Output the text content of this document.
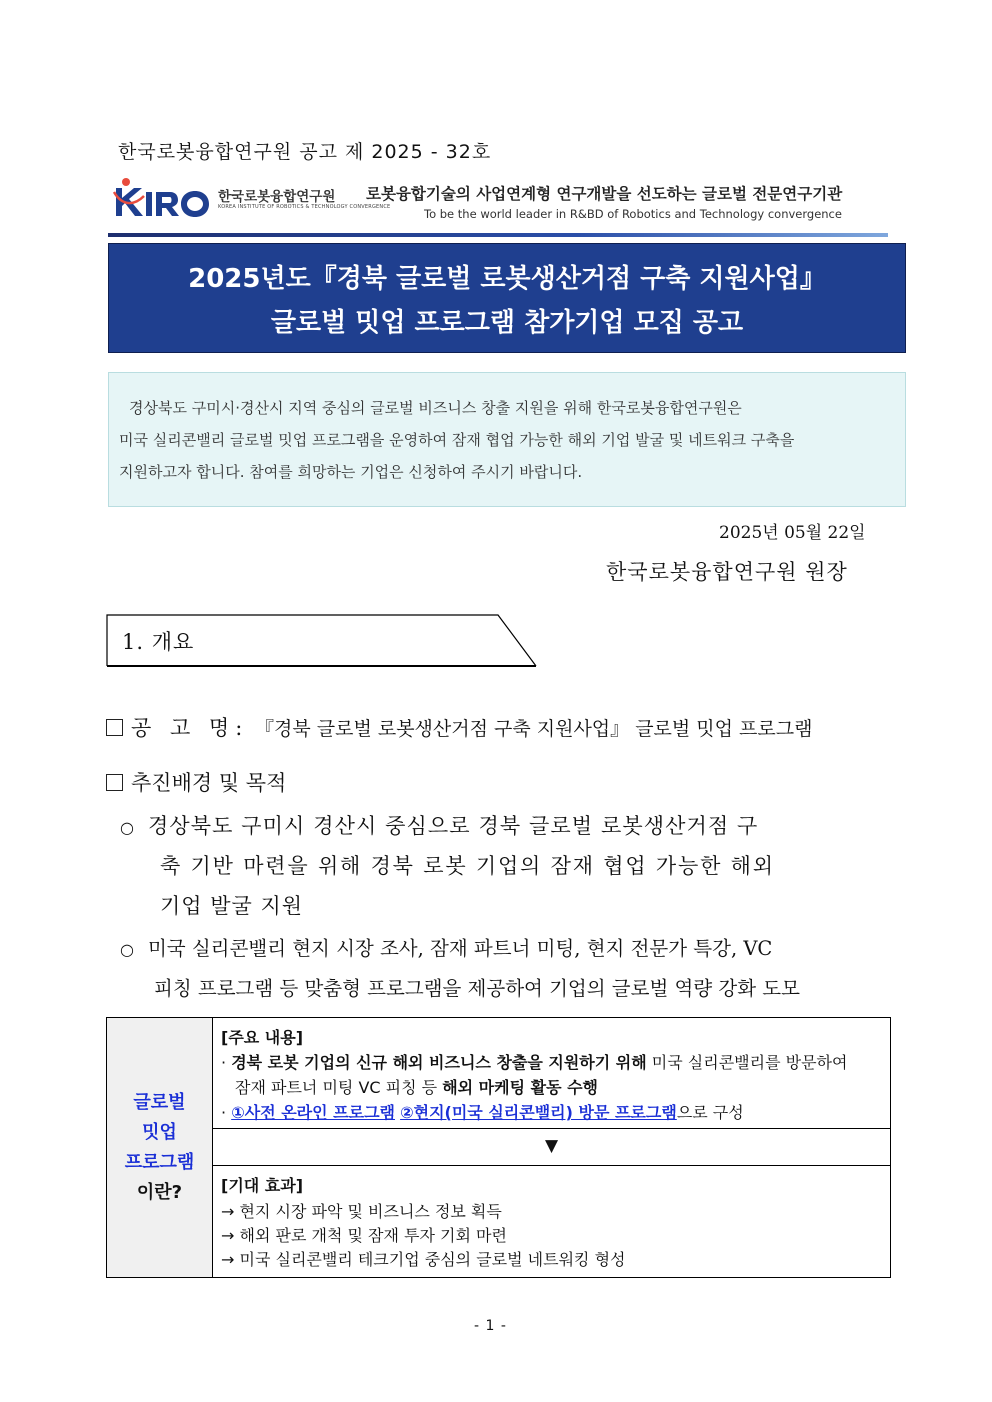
한국로봇융합연구원 공고 제 2025 - 32호
한국로봇융합연구원
KOREA INSTITUTE OF ROBOTICS & TECHNOLOGY CONVERGENCE
로봇융합기술의 사업연계형 연구개발을 선도하는 글로벌 전문연구기관
To be the world leader in R&BD of Robotics and Technology convergence
2025년도『경북 글로벌 로봇생산거점 구축 지원사업』
글로벌 밋업 프로그램 참가기업 모집 공고
경상북도 구미시·경산시 지역 중심의 글로벌 비즈니스 창출 지원을 위해 한국로봇융합연구원은
미국 실리콘밸리 글로벌 밋업 프로그램을 운영하여 잠재 협업 가능한 해외 기업 발굴 및 네트워크 구축을
지원하고자 합니다. 참여를 희망하는 기업은 신청하여 주시기 바랍니다.
2025년 05월 22일
한국로봇융합연구원 원장
1. 개요
공 고 명: 『경북 글로벌 로봇생산거점 구축 지원사업』 글로벌 밋업 프로그램
추진배경 및 목적
○ 경상북도 구미시 경산시 중심으로 경북 글로벌 로봇생산거점 구
축 기반 마련을 위해 경북 로봇 기업의 잠재 협업 가능한 해외
기업 발굴 지원
○ 미국 실리콘밸리 현지 시장 조사, 잠재 파트너 미팅, 현지 전문가 특강, VC
피칭 프로그램 등 맞춤형 프로그램을 제공하여 기업의 글로벌 역량 강화 도모
글로벌
밋업
프로그램
이란?
[주요 내용]
· 경북 로봇 기업의 신규 해외 비즈니스 창출을 지원하기 위해 미국 실리콘밸리를 방문하여
잠재 파트너 미팅 VC 피칭 등 해외 마케팅 활동 수행
· ①사전 온라인 프로그램 ②현지(미국 실리콘밸리) 방문 프로그램으로 구성
▼
[기대 효과]
→ 현지 시장 파악 및 비즈니스 정보 획득
→ 해외 판로 개척 및 잠재 투자 기회 마련
→ 미국 실리콘밸리 테크기업 중심의 글로벌 네트워킹 형성
- 1 -
